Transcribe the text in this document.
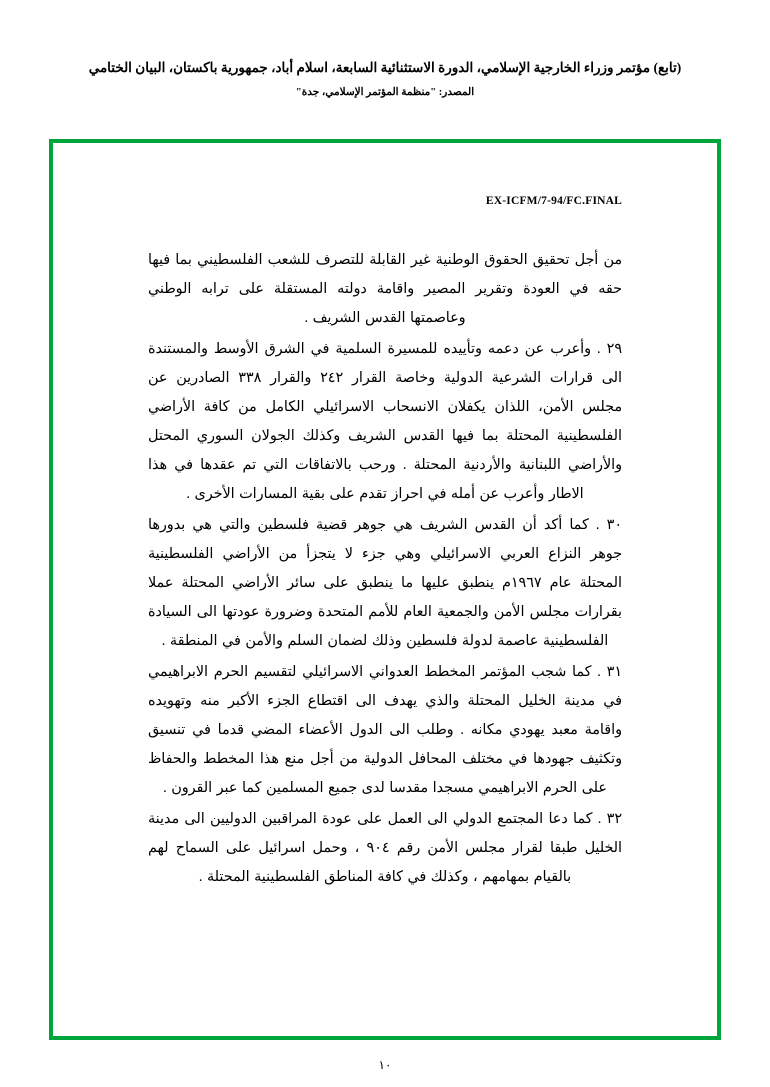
(تابع) مؤتمر وزراء الخارجية الإسلامي، الدورة الاستثنائية السابعة، اسلام أباد، جمهورية باكستان، البيان الختامي
المصدر: "منظمة المؤتمر الإسلامي، جدة"
EX-ICFM/7-94/FC.FINAL

من أجل تحقيق الحقوق الوطنية غير القابلة للتصرف للشعب الفلسطيني بما فيها حقه في العودة وتقرير المصير واقامة دولته المستقلة على ترابه الوطني وعاصمتها القدس الشريف .

٢٩ . وأعرب عن دعمه وتأييده للمسيرة السلمية في الشرق الأوسط والمستندة الى قرارات الشرعية الدولية وخاصة القرار ٢٤٢ والقرار ٣٣٨ الصادرين عن مجلس الأمن، اللذان يكفلان الانسحاب الاسرائيلي الكامل من كافة الأراضي الفلسطينية المحتلة بما فيها القدس الشريف وكذلك الجولان السوري المحتل والأراضي اللبنانية والأردنية المحتلة . ورحب بالاتفاقات التي تم عقدها في هذا الاطار وأعرب عن أمله في احراز تقدم على بقية المسارات الأخرى .

٣٠ . كما أكد أن القدس الشريف هي جوهر قضية فلسطين والتي هي بدورها جوهر النزاع العربي الاسرائيلي وهي جزء لا يتجزأ من الأراضي الفلسطينية المحتلة عام ١٩٦٧م ينطبق عليها ما ينطبق على سائر الأراضي المحتلة عملا بقرارات مجلس الأمن والجمعية العام للأمم المتحدة وضرورة عودتها الى السيادة الفلسطينية عاصمة لدولة فلسطين وذلك لضمان السلم والأمن في المنطقة .

٣١ . كما شجب المؤتمر المخطط العدواني الاسرائيلي لتقسيم الحرم الابراهيمي في مدينة الخليل المحتلة والذي يهدف الى اقتطاع الجزء الأكبر منه وتهويده واقامة معبد يهودي مكانه . وطلب الى الدول الأعضاء المضي قدما في تنسيق وتكثيف جهودها في مختلف المحافل الدولية من أجل منع هذا المخطط والحفاظ على الحرم الابراهيمي مسجدا مقدسا لدى جميع المسلمين كما عبر القرون .

٣٢ . كما دعا المجتمع الدولي الى العمل على عودة المراقبين الدوليين الى مدينة الخليل طبقا لقرار مجلس الأمن رقم ٩٠٤ ، وحمل اسرائيل على السماح لهم بالقيام بمهامهم ، وكذلك في كافة المناطق الفلسطينية المحتلة .

١٠
